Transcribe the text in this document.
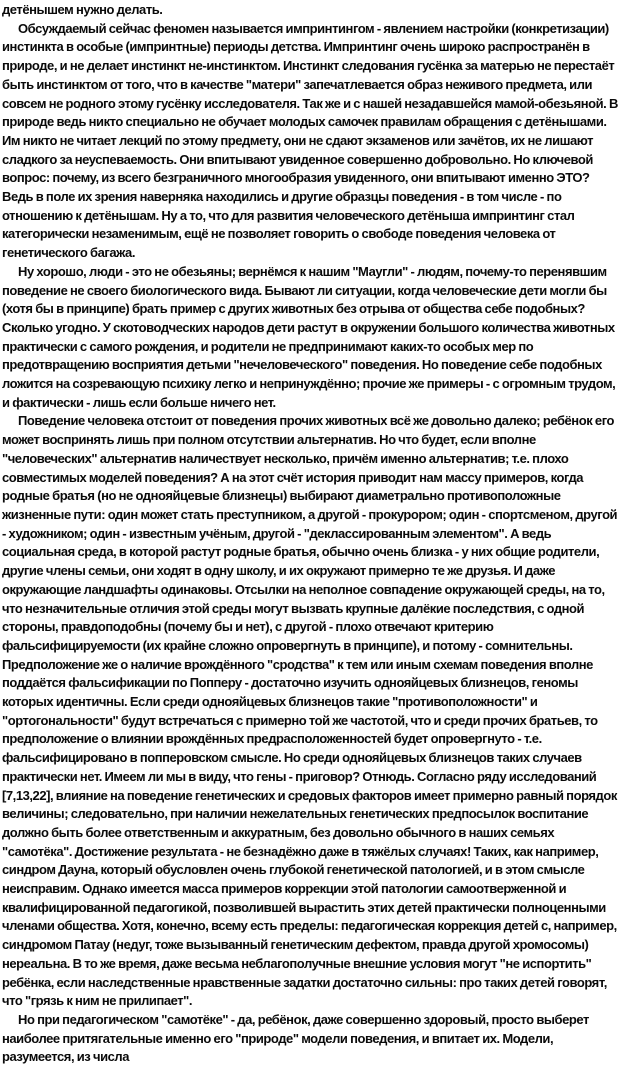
детёнышем нужно делать.

Обсуждаемый сейчас феномен называется импринтингом - явлением настройки (конкретизации) инстинкта в особые (импринтные) периоды детства. Импринтинг очень широко распространён в природе, и не делает инстинкт не-инстинктом. Инстинкт следования гусёнка за матерью не перестаёт быть инстинктом от того, что в качестве "матери" запечатлевается образ неживого предмета, или совсем не родного этому гусёнку исследователя. Так же и с нашей незадавшейся мамой-обезьяной. В природе ведь никто специально не обучает молодых самочек правилам обращения с детёнышами. Им никто не читает лекций по этому предмету, они не сдают экзаменов или зачётов, их не лишают сладкого за неуспеваемость. Они впитывают увиденное совершенно добровольно. Но ключевой вопрос: почему, из всего безграничного многообразия увиденного, они впитывают именно ЭТО? Ведь в поле их зрения наверняка находились и другие образцы поведения - в том числе - по отношению к детёнышам. Ну а то, что для развития человеческого детёныша импринтинг стал категорически незаменимым, ещё не позволяет говорить о свободе поведения человека от генетического багажа.

Ну хорошо, люди - это не обезьяны; вернёмся к нашим "Маугли" - людям, почему-то перенявшим поведение не своего биологического вида. Бывают ли ситуации, когда человеческие дети могли бы (хотя бы в принципе) брать пример с других животных без отрыва от общества себе подобных? Сколько угодно. У скотоводческих народов дети растут в окружении большого количества животных практически с самого рождения, и родители не предпринимают каких-то особых мер по предотвращению восприятия детьми "нечеловеческого" поведения. Но поведение себе подобных ложится на созревающую психику легко и непринуждённо; прочие же примеры - с огромным трудом, и фактически - лишь если больше ничего нет.

Поведение человека отстоит от поведения прочих животных всё же довольно далеко; ребёнок его может воспринять лишь при полном отсутствии альтернатив. Но что будет, если вполне "человеческих" альтернатив наличествует несколько, причём именно альтернатив; т.е. плохо совместимых моделей поведения? А на этот счёт история приводит нам массу примеров, когда родные братья (но не однояйцевые близнецы) выбирают диаметрально противоположные жизненные пути: один может стать преступником, а другой - прокурором; один - спортсменом, другой - художником; один - известным учёным, другой - "деклассированным элементом". А ведь социальная среда, в которой растут родные братья, обычно очень близка - у них общие родители, другие члены семьи, они ходят в одну школу, и их окружают примерно те же друзья. И даже окружающие ландшафты одинаковы. Отсылки на неполное совпадение окружающей среды, на то, что незначительные отличия этой среды могут вызвать крупные далёкие последствия, с одной стороны, правдоподобны (почему бы и нет), с другой - плохо отвечают критерию фальсифицируемости (их крайне сложно опровергнуть в принципе), и потому - сомнительны. Предположение же о наличие врождённого "сродства" к тем или иным схемам поведения вполне поддаётся фальсификации по Попперу - достаточно изучить однояйцевых близнецов, геномы которых идентичны. Если среди однояйцевых близнецов такие "противоположности" и "ортогональности" будут встречаться с примерно той же частотой, что и среди прочих братьев, то предположение о влиянии врождённых предрасположенностей будет опровергнуто - т.е. фальсифицировано в попперовском смысле. Но среди однояйцевых близнецов таких случаев практически нет. Имеем ли мы в виду, что гены - приговор? Отнюдь. Согласно ряду исследований [7,13,22], влияние на поведение генетических и средовых факторов имеет примерно равный порядок величины; следовательно, при наличии нежелательных генетических предпосылок воспитание должно быть более ответственным и аккуратным, без довольно обычного в наших семьях "самотёка". Достижение результата - не безнадёжно даже в тяжёлых случаях! Таких, как например, синдром Дауна, который обусловлен очень глубокой генетической патологией, и в этом смысле неисправим. Однако имеется масса примеров коррекции этой патологии самоотверженной и квалифицированной педагогикой, позволившей вырастить этих детей практически полноценными членами общества. Хотя, конечно, всему есть пределы: педагогическая коррекция детей с, например, синдромом Патау (недуг, тоже вызыванный генетическим дефектом, правда другой хромосомы) нереальна. В то же время, даже весьма неблагополучные внешние условия могут "не испортить" ребёнка, если наследственные нравственные задатки достаточно сильны: про таких детей говорят, что "грязь к ним не прилипает".

Но при педагогическом "самотёке" - да, ребёнок, даже совершенно здоровый, просто выберет наиболее притягательные именно его "природе" модели поведения, и впитает их. Модели, разумеется, из числа
